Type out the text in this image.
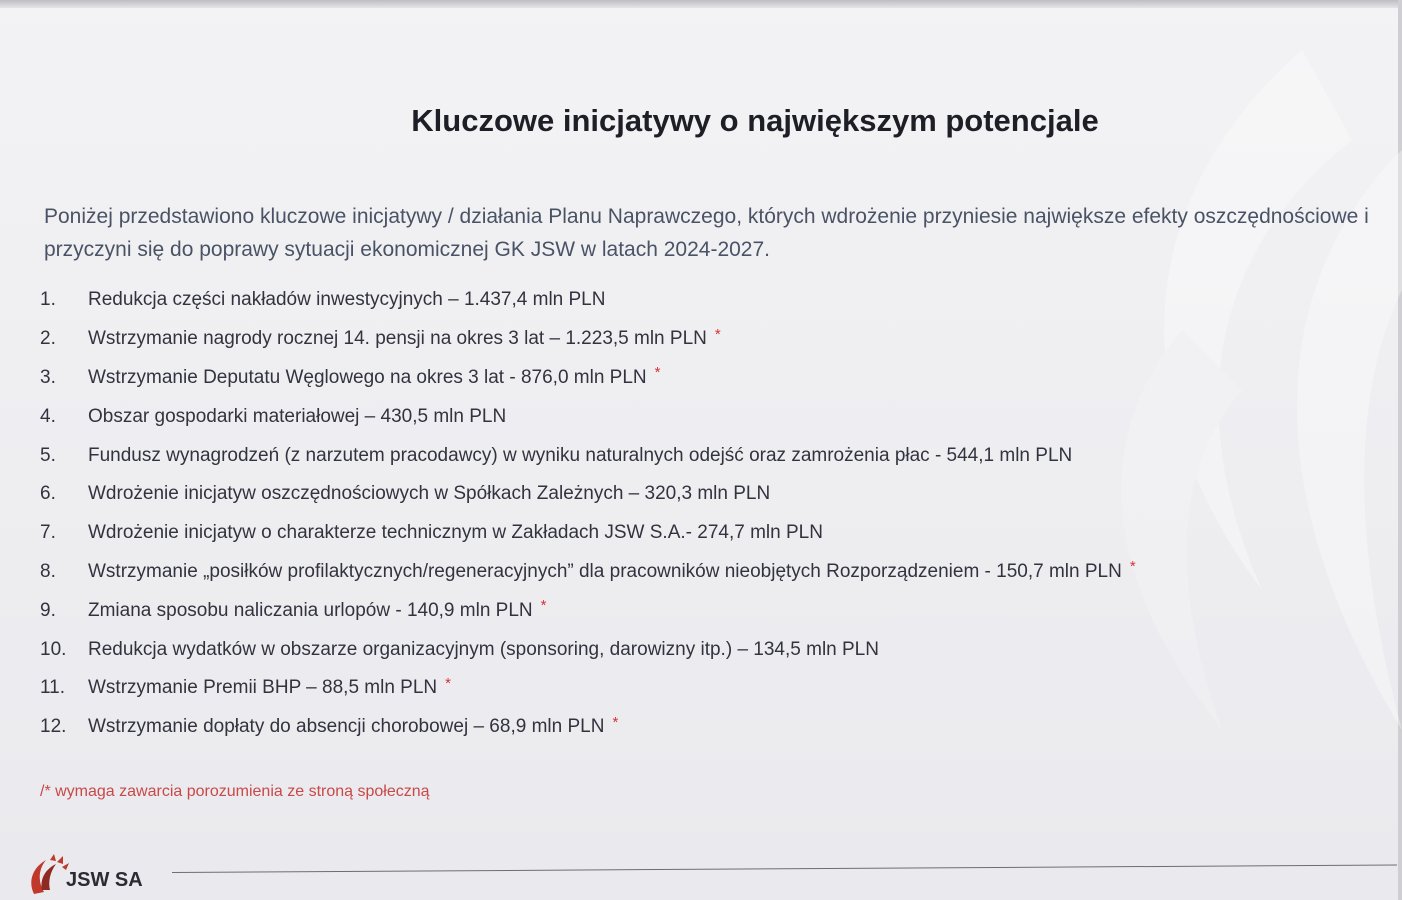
Kluczowe inicjatywy o największym potencjale

Poniżej przedstawiono kluczowe inicjatywy / działania Planu Naprawczego, których wdrożenie przyniesie największe efekty oszczędnościowe i przyczyni się do poprawy sytuacji ekonomicznej GK JSW w latach 2024-2027.

1.	Redukcja części nakładów inwestycyjnych – 1.437,4 mln PLN
2.	Wstrzymanie nagrody rocznej 14. pensji na okres 3 lat – 1.223,5 mln PLN *
3.	Wstrzymanie Deputatu Węglowego na okres 3 lat - 876,0 mln PLN *
4.	Obszar gospodarki materiałowej – 430,5 mln PLN
5.	Fundusz wynagrodzeń (z narzutem pracodawcy) w wyniku naturalnych odejść oraz zamrożenia płac - 544,1 mln PLN
6.	Wdrożenie inicjatyw oszczędnościowych w Spółkach Zależnych – 320,3 mln PLN
7.	Wdrożenie inicjatyw o charakterze technicznym w Zakładach JSW S.A.- 274,7 mln PLN
8.	Wstrzymanie „posiłków profilaktycznych/regeneracyjnych” dla pracowników nieobjętych Rozporządzeniem - 150,7 mln PLN *
9.	Zmiana sposobu naliczania urlopów - 140,9 mln PLN *
10.	Redukcja wydatków w obszarze organizacyjnym (sponsoring, darowizny itp.) – 134,5 mln PLN
11.	Wstrzymanie Premii BHP – 88,5 mln PLN *
12.	Wstrzymanie dopłaty do absencji chorobowej – 68,9 mln PLN *

/* wymaga zawarcia porozumienia ze stroną społeczną

JSW SA
